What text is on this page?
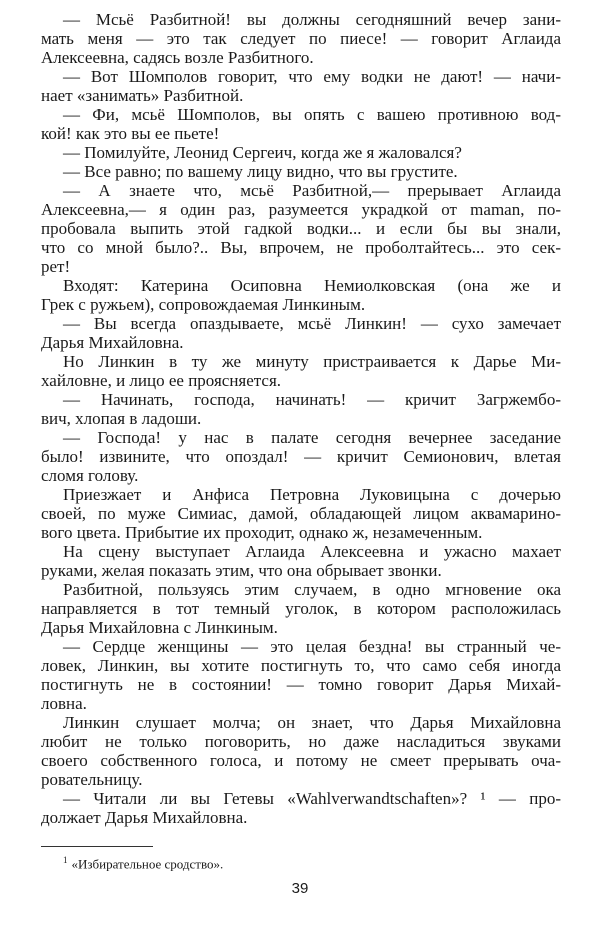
— Мсьё Разбитной! вы должны сегодняшний вечер зани-
мать меня — это так следует по пиесе! — говорит Аглаида
Алексеевна, садясь возле Разбитного.
— Вот Шомполов говорит, что ему водки не дают! — начи-
нает «занимать» Разбитной.
— Фи, мсьё Шомполов, вы опять с вашею противною вод-
кой! как это вы ее пьете!
— Помилуйте, Леонид Сергеич, когда же я жаловался?
— Все равно; по вашему лицу видно, что вы грустите.
— А знаете что, мсьё Разбитной,— прерывает Аглаида
Алексеевна,— я один раз, разумеется украдкой от maman, по-
пробовала выпить этой гадкой водки... и если бы вы знали,
что со мной было?.. Вы, впрочем, не проболтайтесь... это сек-
рет!
Входят: Катерина Осиповна Немиолковская (она же и
Грек с ружьем), сопровождаемая Линкиным.
— Вы всегда опаздываете, мсьё Линкин! — сухо замечает
Дарья Михайловна.
Но Линкин в ту же минуту пристраивается к Дарье Ми-
хайловне, и лицо ее проясняется.
— Начинать, господа, начинать! — кричит Загржембо-
вич, хлопая в ладоши.
— Господа! у нас в палате сегодня вечернее заседание
было! извините, что опоздал! — кричит Семионович, влетая
сломя голову.
Приезжает и Анфиса Петровна Луковицына с дочерью
своей, по муже Симиас, дамой, обладающей лицом аквамарино-
вого цвета. Прибытие их проходит, однако ж, незамеченным.
На сцену выступает Аглаида Алексеевна и ужасно махает
руками, желая показать этим, что она обрывает звонки.
Разбитной, пользуясь этим случаем, в одно мгновение ока
направляется в тот темный уголок, в котором расположилась
Дарья Михайловна с Линкиным.
— Сердце женщины — это целая бездна! вы странный че-
ловек, Линкин, вы хотите постигнуть то, что само себя иногда
постигнуть не в состоянии! — томно говорит Дарья Михай-
ловна.
Линкин слушает молча; он знает, что Дарья Михайловна
любит не только поговорить, но даже насладиться звуками
своего собственного голоса, и потому не смеет прерывать оча-
ровательницу.
— Читали ли вы Гетевы «Wahlverwandtschaften»? ¹ — про-
должает Дарья Михайловна.
$^1$ «Избирательное сродство».
39
